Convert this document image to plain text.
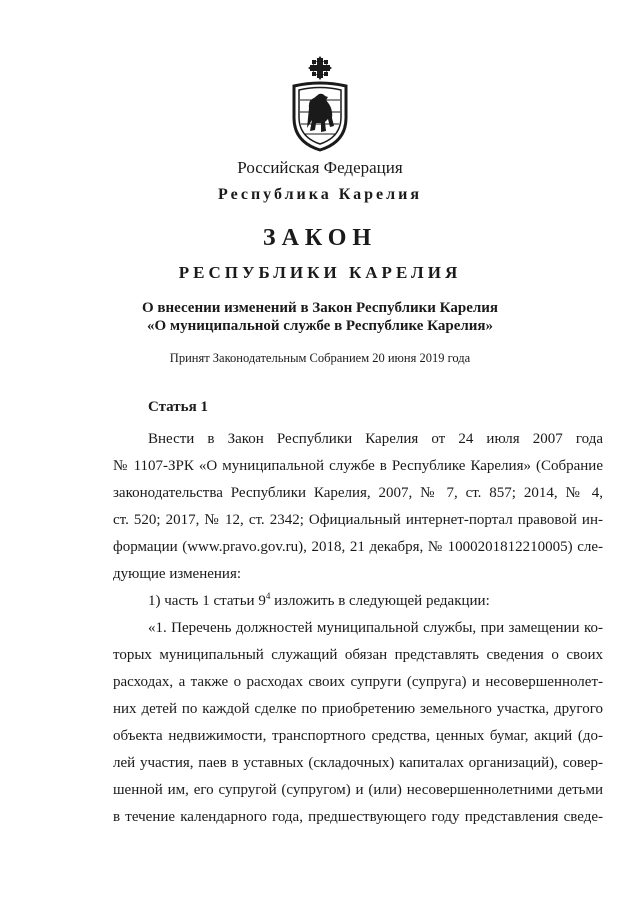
Российская Федерация
Республика Карелия
ЗАКОН
РЕСПУБЛИКИ КАРЕЛИЯ
О внесении изменений в Закон Республики Карелия
«О муниципальной службе в Республике Карелия»
Принят Законодательным Собранием 20 июня 2019 года
Статья 1
Внести в Закон Республики Карелия от 24 июля 2007 года
№ 1107-ЗРК «О муниципальной службе в Республике Карелия» (Собрание
законодательства Республики Карелия, 2007, № 7, ст. 857; 2014, № 4,
ст. 520; 2017, № 12, ст. 2342; Официальный интернет-портал правовой ин-
формации (www.pravo.gov.ru), 2018, 21 декабря, № 1000201812210005) сле-
дующие изменения:
1) часть 1 статьи $9^4$ изложить в следующей редакции:
«1. Перечень должностей муниципальной службы, при замещении ко-
торых муниципальный служащий обязан представлять сведения о своих
расходах, а также о расходах своих супруги (супруга) и несовершеннолет-
них детей по каждой сделке по приобретению земельного участка, другого
объекта недвижимости, транспортного средства, ценных бумаг, акций (до-
лей участия, паев в уставных (складочных) капиталах организаций), совер-
шенной им, его супругой (супругом) и (или) несовершеннолетними детьми
в течение календарного года, предшествующего году представления сведе-
